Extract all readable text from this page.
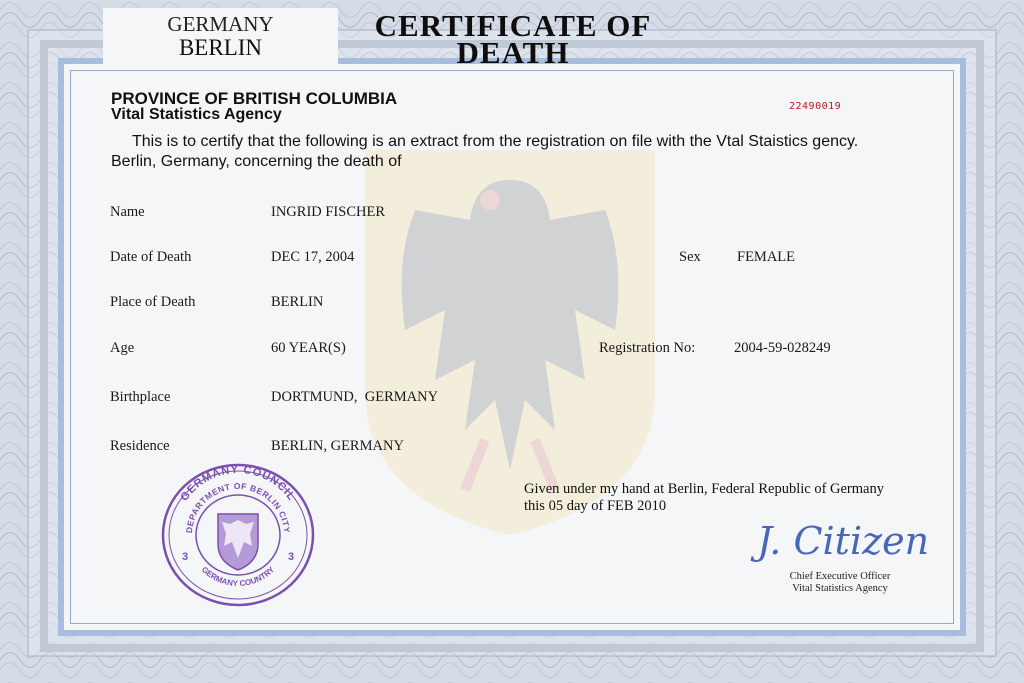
GERMANY
BERLIN
CERTIFICATE OF
DEATH
PROVINCE OF BRITISH COLUMBIA
Vital Statistics Agency	22490019
This is to certify that the following is an extract from the registration on file with the Vtal Staistics gency.
Berlin, Germany, concerning the death of
Name	INGRID FISCHER
Date of Death	DEC 17, 2004	Sex	FEMALE
Place of Death	BERLIN
Age	60 YEAR(S)	Registration No:	2004-59-028249
Birthplace	DORTMUND,  GERMANY
Residence	BERLIN, GERMANY
GERMANY COUNCIL
DEPARTMENT OF BERLIN CITY
GERMANY COUNTRY
3	3
Given under my hand at Berlin, Federal Republic of Germany
this 05 day of FEB 2010
J. Citizen
Chief Executive Officer
Vital Statistics Agency
